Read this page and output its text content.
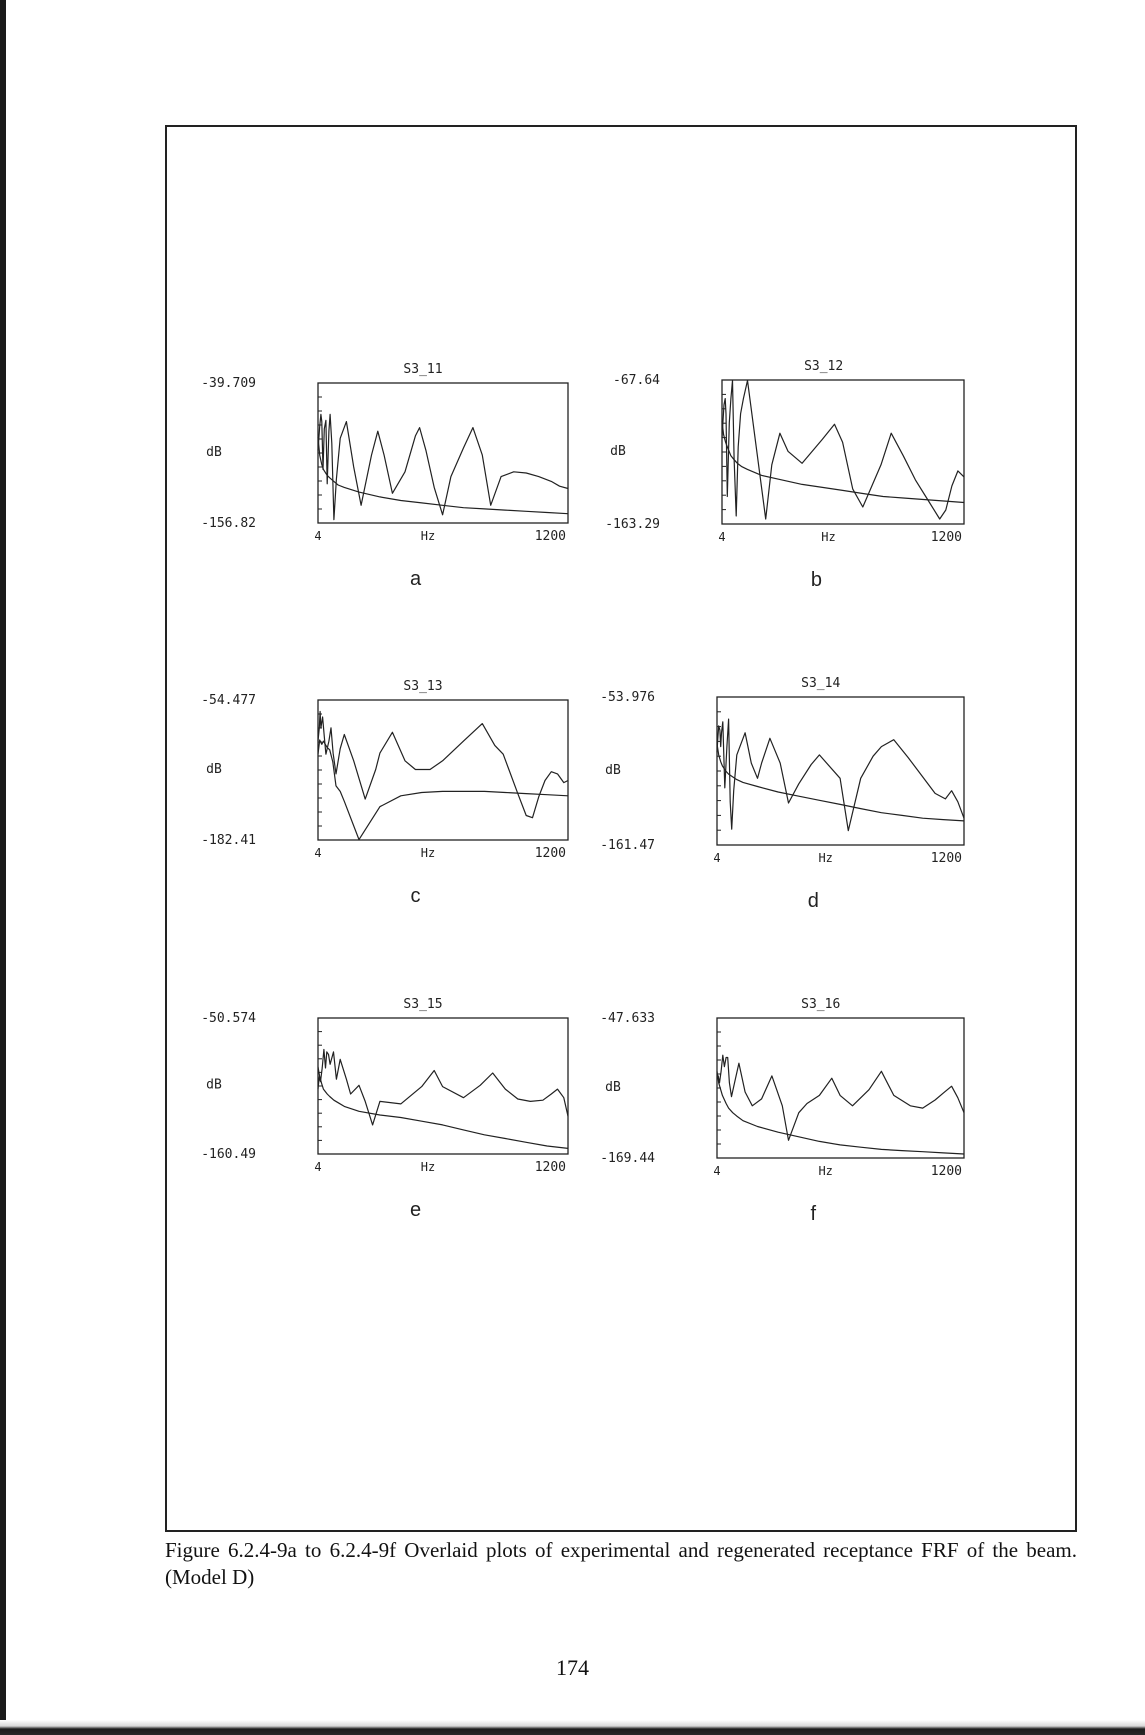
S3_11
-39.709
-156.82
dB
4	Hz	1200
a
S3_12
-67.64
-163.29
dB
4	Hz	1200
b
S3_13
-54.477
-182.41
dB
4	Hz	1200
c
S3_14
-53.976
-161.47
dB
4	Hz	1200
d
S3_15
-50.574
-160.49
dB
4	Hz	1200
e
S3_16
-47.633
-169.44
dB
4	Hz	1200
f
Figure 6.2.4-9a to 6.2.4-9f Overlaid plots of experimental and regenerated receptance FRF of the beam. (Model D)
174
